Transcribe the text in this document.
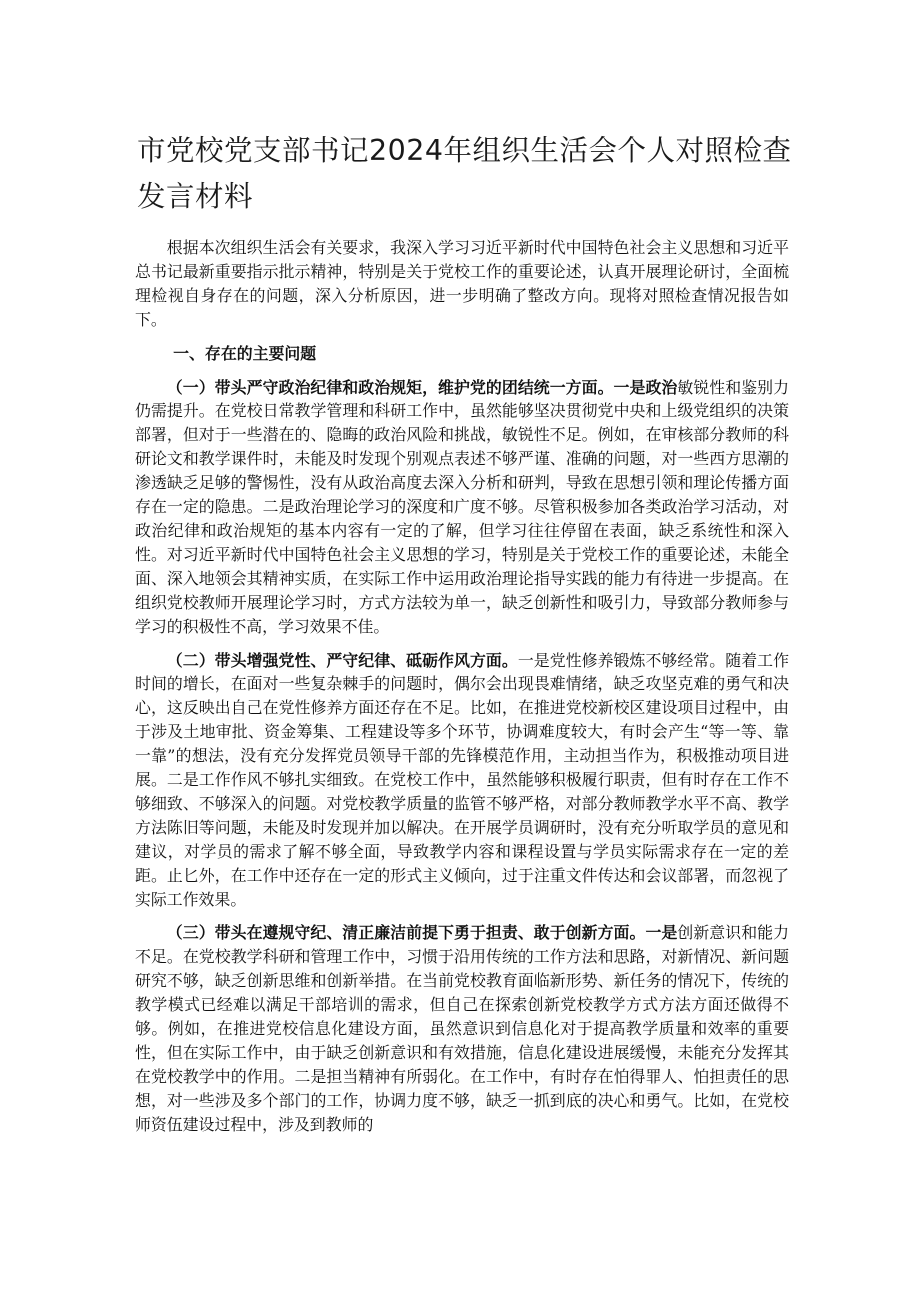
市党校党支部书记2024年组织生活会个人对照检查发言材料

根据本次组织生活会有关要求，我深入学习习近平新时代中国特色社会主义思想和习近平总书记最新重要指示批示精神，特别是关于党校工作的重要论述，认真开展理论研讨，全面梳理检视自身存在的问题，深入分析原因，进一步明确了整改方向。现将对照检查情况报告如下。

一、存在的主要问题

（一）带头严守政治纪律和政治规矩，维护党的团结统一方面。一是政治敏锐性和鉴别力仍需提升。在党校日常教学管理和科研工作中，虽然能够坚决贯彻党中央和上级党组织的决策部署，但对于一些潜在的、隐晦的政治风险和挑战，敏锐性不足。例如，在审核部分教师的科研论文和教学课件时，未能及时发现个别观点表述不够严谨、准确的问题，对一些西方思潮的渗透缺乏足够的警惕性，没有从政治高度去深入分析和研判，导致在思想引领和理论传播方面存在一定的隐患。二是政治理论学习的深度和广度不够。尽管积极参加各类政治学习活动，对政治纪律和政治规矩的基本内容有一定的了解，但学习往往停留在表面，缺乏系统性和深入性。对习近平新时代中国特色社会主义思想的学习，特别是关于党校工作的重要论述，未能全面、深入地领会其精神实质，在实际工作中运用政治理论指导实践的能力有待进一步提高。在组织党校教师开展理论学习时，方式方法较为单一，缺乏创新性和吸引力，导致部分教师参与学习的积极性不高，学习效果不佳。

（二）带头增强党性、严守纪律、砥砺作风方面。一是党性修养锻炼不够经常。随着工作时间的增长，在面对一些复杂棘手的问题时，偶尔会出现畏难情绪，缺乏攻坚克难的勇气和决心，这反映出自己在党性修养方面还存在不足。比如，在推进党校新校区建设项目过程中，由于涉及土地审批、资金筹集、工程建设等多个环节，协调难度较大，有时会产生“等一等、靠一靠”的想法，没有充分发挥党员领导干部的先锋模范作用，主动担当作为，积极推动项目进展。二是工作作风不够扎实细致。在党校工作中，虽然能够积极履行职责，但有时存在工作不够细致、不够深入的问题。对党校教学质量的监管不够严格，对部分教师教学水平不高、教学方法陈旧等问题，未能及时发现并加以解决。在开展学员调研时，没有充分听取学员的意见和建议，对学员的需求了解不够全面，导致教学内容和课程设置与学员实际需求存在一定的差距。止匕外，在工作中还存在一定的形式主义倾向，过于注重文件传达和会议部署，而忽视了实际工作效果。

（三）带头在遵规守纪、清正廉洁前提下勇于担责、敢于创新方面。一是创新意识和能力不足。在党校教学科研和管理工作中，习惯于沿用传统的工作方法和思路，对新情况、新问题研究不够，缺乏创新思维和创新举措。在当前党校教育面临新形势、新任务的情况下，传统的教学模式已经难以满足干部培训的需求，但自己在探索创新党校教学方式方法方面还做得不够。例如，在推进党校信息化建设方面，虽然意识到信息化对于提高教学质量和效率的重要性，但在实际工作中，由于缺乏创新意识和有效措施，信息化建设进展缓慢，未能充分发挥其在党校教学中的作用。二是担当精神有所弱化。在工作中，有时存在怕得罪人、怕担责任的思想，对一些涉及多个部门的工作，协调力度不够，缺乏一抓到底的决心和勇气。比如，在党校师资伍建设过程中，涉及到教师的
